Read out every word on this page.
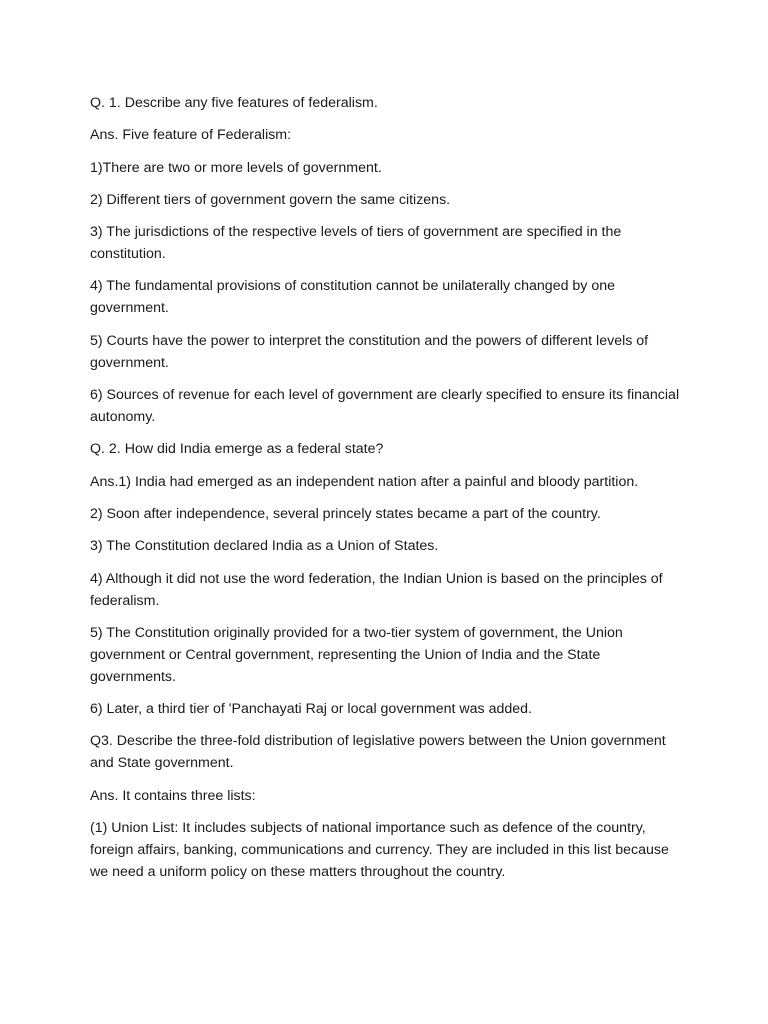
Q. 1. Describe any five features of federalism.

Ans. Five feature of Federalism:

1)There are two or more levels of government.

2) Different tiers of government govern the same citizens.

3) The jurisdictions of the respective levels of tiers of government are specified in the constitution.

4) The fundamental provisions of constitution cannot be unilaterally changed by one government.

5) Courts have the power to interpret the constitution and the powers of different levels of government.

6) Sources of revenue for each level of government are clearly specified to ensure its financial autonomy.

Q. 2. How did India emerge as a federal state?

Ans.1) India had emerged as an independent nation after a painful and bloody partition.

2) Soon after independence, several princely states became a part of the country.

3) The Constitution declared India as a Union of States.

4) Although it did not use the word federation, the Indian Union is based on the principles of federalism.

5) The Constitution originally provided for a two-tier system of government, the Union government or Central government, representing the Union of India and the State governments.

6) Later, a third tier of 'Panchayati Raj or local government was added.

Q3. Describe the three-fold distribution of legislative powers between the Union government and State government.

Ans. It contains three lists:

(1) Union List: It includes subjects of national importance such as defence of the country, foreign affairs, banking, communications and currency. They are included in this list because we need a uniform policy on these matters throughout the country.
